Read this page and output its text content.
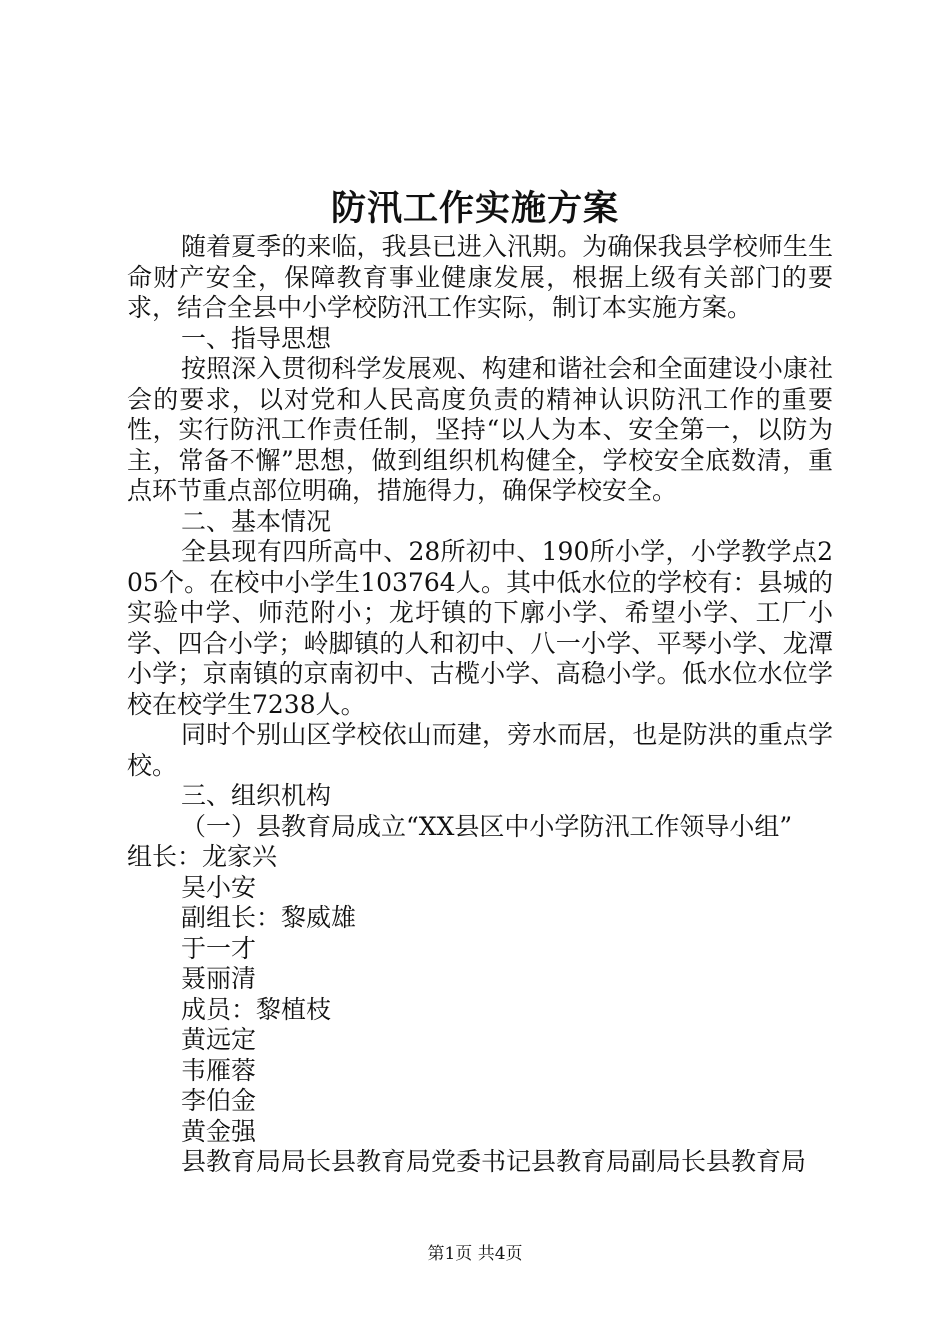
防汛工作实施方案

随着夏季的来临，我县已进入汛期。为确保我县学校师生生命财产安全，保障教育事业健康发展，根据上级有关部门的要求，结合全县中小学校防汛工作实际，制订本实施方案。

一、指导思想

按照深入贯彻科学发展观、构建和谐社会和全面建设小康社会的要求，以对党和人民高度负责的精神认识防汛工作的重要性，实行防汛工作责任制，坚持“以人为本、安全第一，以防为主，常备不懈”思想，做到组织机构健全，学校安全底数清，重点环节重点部位明确，措施得力，确保学校安全。

二、基本情况

全县现有四所高中、28所初中、190所小学，小学教学点205个。在校中小学生103764人。其中低水位的学校有：县城的实验中学、师范附小；龙圩镇的下廓小学、希望小学、工厂小学、四合小学；岭脚镇的人和初中、八一小学、平琴小学、龙潭小学；京南镇的京南初中、古榄小学、高稳小学。低水位水位学校在校学生7238人。

同时个别山区学校依山而建，旁水而居，也是防洪的重点学校。

三、组织机构

（一）县教育局成立“XX县区中小学防汛工作领导小组”

组长：龙家兴

吴小安

副组长：黎威雄

于一才

聂丽清

成员：黎植枝

黄远定

韦雁蓉

李伯金

黄金强

县教育局局长县教育局党委书记县教育局副局长县教育局

第1页 共4页
